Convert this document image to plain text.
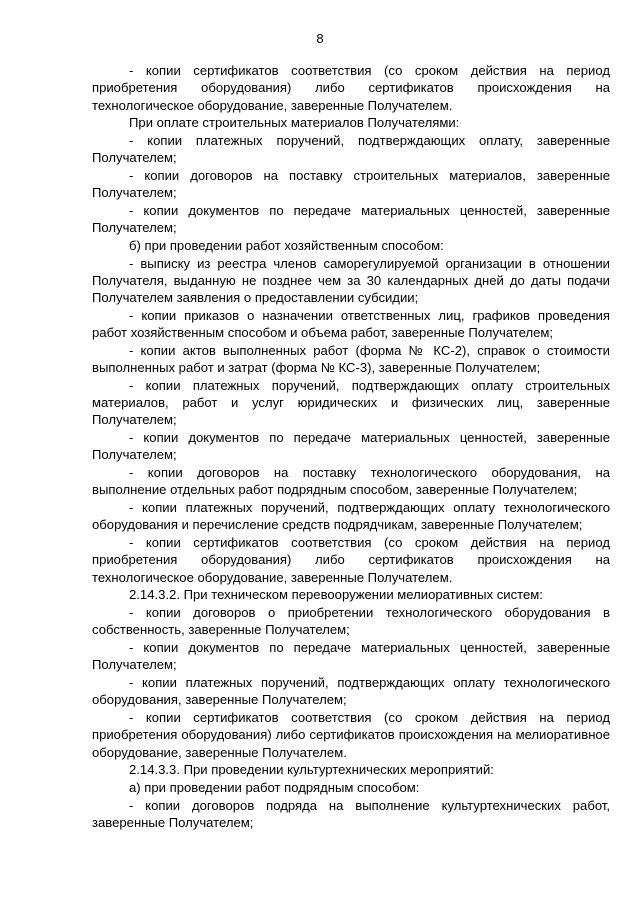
8

- копии сертификатов соответствия (со сроком действия на период приобретения оборудования) либо сертификатов происхождения на технологическое оборудование, заверенные Получателем.

При оплате строительных материалов Получателями:

- копии платежных поручений, подтверждающих оплату, заверенные Получателем;

- копии договоров на поставку строительных материалов, заверенные Получателем;

- копии документов по передаче материальных ценностей, заверенные Получателем;

б) при проведении работ хозяйственным способом:

- выписку из реестра членов саморегулируемой организации в отношении Получателя, выданную не позднее чем за 30 календарных дней до даты подачи Получателем заявления о предоставлении субсидии;

- копии приказов о назначении ответственных лиц, графиков проведения работ хозяйственным способом и объема работ, заверенные Получателем;

- копии актов выполненных работ (форма № КС-2), справок о стоимости выполненных работ и затрат (форма № КС-3), заверенные Получателем;

- копии платежных поручений, подтверждающих оплату строительных материалов, работ и услуг юридических и физических лиц, заверенные Получателем;

- копии документов по передаче материальных ценностей, заверенные Получателем;

- копии договоров на поставку технологического оборудования, на выполнение отдельных работ подрядным способом, заверенные Получателем;

- копии платежных поручений, подтверждающих оплату технологического оборудования и перечисление средств подрядчикам, заверенные Получателем;

- копии сертификатов соответствия (со сроком действия на период приобретения оборудования) либо сертификатов происхождения на технологическое оборудование, заверенные Получателем.

2.14.3.2. При техническом перевооружении мелиоративных систем:

- копии договоров о приобретении технологического оборудования в собственность, заверенные Получателем;

- копии документов по передаче материальных ценностей, заверенные Получателем;

- копии платежных поручений, подтверждающих оплату технологического оборудования, заверенные Получателем;

- копии сертификатов соответствия (со сроком действия на период приобретения оборудования) либо сертификатов происхождения на мелиоративное оборудование, заверенные Получателем.

2.14.3.3. При проведении культуртехнических мероприятий:

а) при проведении работ подрядным способом:

- копии договоров подряда на выполнение культуртехнических работ, заверенные Получателем;
